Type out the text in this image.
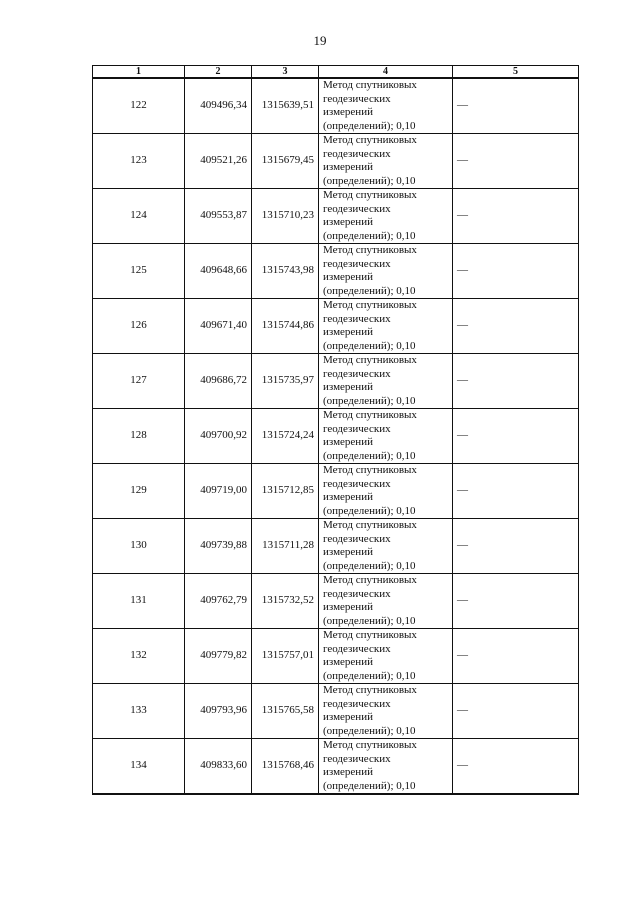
19
1	2	3	4	5
122	409496,34	1315639,51	Метод спутниковых
геодезических
измерений
(определений); 0,10	—
123	409521,26	1315679,45	Метод спутниковых
геодезических
измерений
(определений); 0,10	—
124	409553,87	1315710,23	Метод спутниковых
геодезических
измерений
(определений); 0,10	—
125	409648,66	1315743,98	Метод спутниковых
геодезических
измерений
(определений); 0,10	—
126	409671,40	1315744,86	Метод спутниковых
геодезических
измерений
(определений); 0,10	—
127	409686,72	1315735,97	Метод спутниковых
геодезических
измерений
(определений); 0,10	—
128	409700,92	1315724,24	Метод спутниковых
геодезических
измерений
(определений); 0,10	—
129	409719,00	1315712,85	Метод спутниковых
геодезических
измерений
(определений); 0,10	—
130	409739,88	1315711,28	Метод спутниковых
геодезических
измерений
(определений); 0,10	—
131	409762,79	1315732,52	Метод спутниковых
геодезических
измерений
(определений); 0,10	—
132	409779,82	1315757,01	Метод спутниковых
геодезических
измерений
(определений); 0,10	—
133	409793,96	1315765,58	Метод спутниковых
геодезических
измерений
(определений); 0,10	—
134	409833,60	1315768,46	Метод спутниковых
геодезических
измерений
(определений); 0,10	—
